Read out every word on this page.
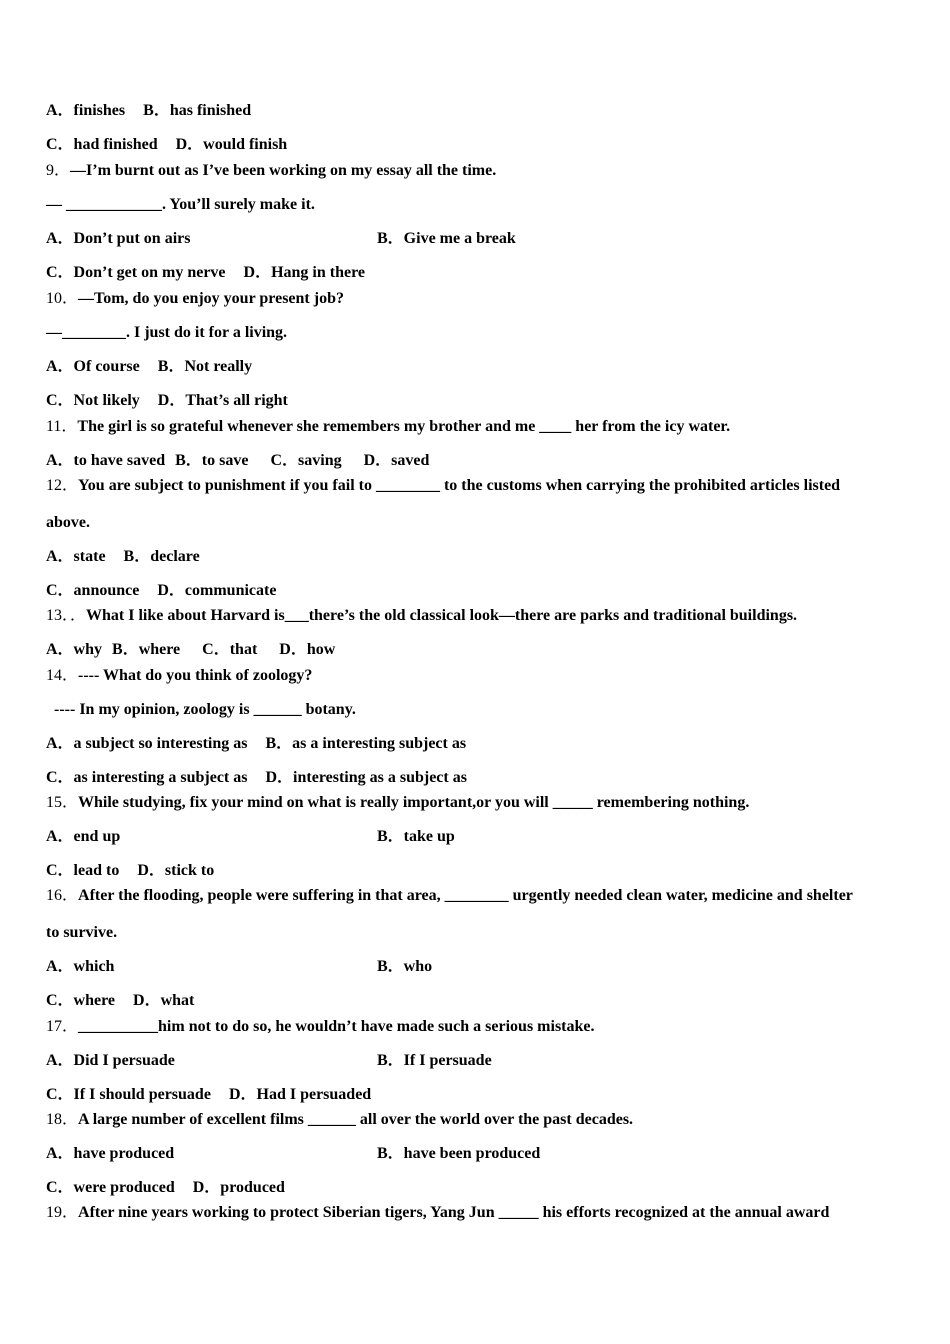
A．finishes B．has finished
C．had finished D．would finish
9．—I’m burnt out as I’ve been working on my essay all the time.
— ____________. You’ll surely make it.
A．Don’t put on airs	B．Give me a break
C．Don’t get on my nerve D．Hang in there
10．—Tom, do you enjoy your present job?
—________. I just do it for a living.
A．Of course B．Not really
C．Not likely D．That’s all right
11．The girl is so grateful whenever she remembers my brother and me ____ her from the icy water.
A．to have saved B．to save C．saving D．saved
12．You are subject to punishment if you fail to ________ to the customs when carrying the prohibited articles listed
above.
A．state B．declare
C．announce D．communicate
13．．What I like about Harvard is___there’s the old classical look—there are parks and traditional buildings.
A．why B．where C．that D．how
14．---- What do you think of zoology?
---- In my opinion, zoology is ______ botany.
A．a subject so interesting as B．as a interesting subject as
C．as interesting a subject as D．interesting as a subject as
15．While studying, fix your mind on what is really important,or you will _____ remembering nothing.
A．end up	B．take up
C．lead to D．stick to
16．After the flooding, people were suffering in that area, ________ urgently needed clean water, medicine and shelter
to survive.
A．which	B．who
C．where D．what
17．__________him not to do so, he wouldn’t have made such a serious mistake.
A．Did I persuade	B．If I persuade
C．If I should persuade D．Had I persuaded
18．A large number of excellent films ______ all over the world over the past decades.
A．have produced	B．have been produced
C．were produced D．produced
19．After nine years working to protect Siberian tigers, Yang Jun _____ his efforts recognized at the annual award
